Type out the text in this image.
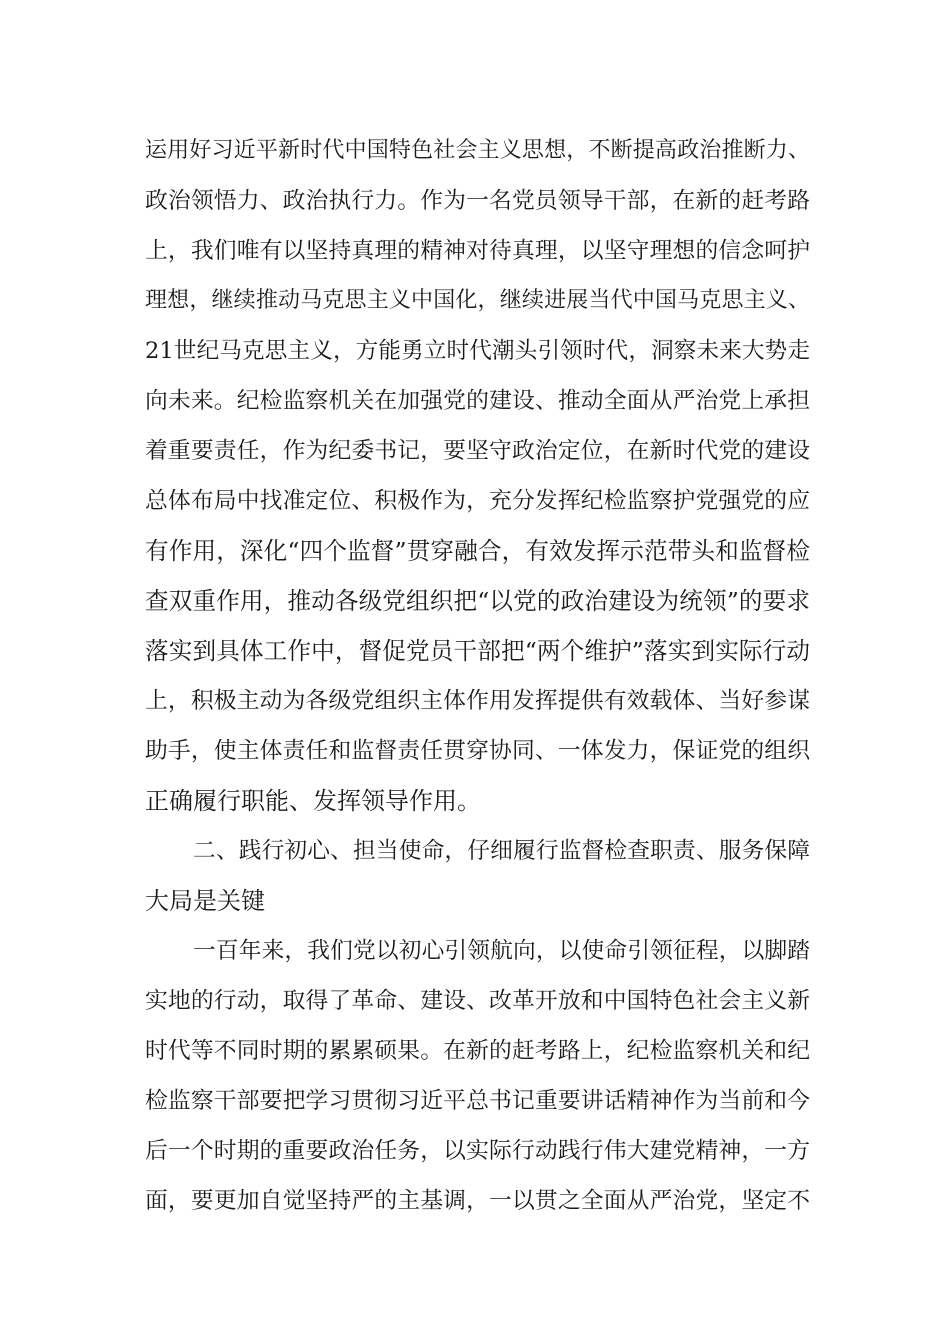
运用好习近平新时代中国特色社会主义思想，不断提高政治推断力、
政治领悟力、政治执行力。作为一名党员领导干部，在新的赶考路
上，我们唯有以坚持真理的精神对待真理，以坚守理想的信念呵护
理想，继续推动马克思主义中国化，继续进展当代中国马克思主义、
21世纪马克思主义，方能勇立时代潮头引领时代，洞察未来大势走
向未来。纪检监察机关在加强党的建设、推动全面从严治党上承担
着重要责任，作为纪委书记，要坚守政治定位，在新时代党的建设
总体布局中找准定位、积极作为，充分发挥纪检监察护党强党的应
有作用，深化“四个监督”贯穿融合，有效发挥示范带头和监督检
查双重作用，推动各级党组织把“以党的政治建设为统领”的要求
落实到具体工作中，督促党员干部把“两个维护”落实到实际行动
上，积极主动为各级党组织主体作用发挥提供有效载体、当好参谋
助手，使主体责任和监督责任贯穿协同、一体发力，保证党的组织
正确履行职能、发挥领导作用。
二、践行初心、担当使命，仔细履行监督检查职责、服务保障
大局是关键
一百年来，我们党以初心引领航向，以使命引领征程，以脚踏
实地的行动，取得了革命、建设、改革开放和中国特色社会主义新
时代等不同时期的累累硕果。在新的赶考路上，纪检监察机关和纪
检监察干部要把学习贯彻习近平总书记重要讲话精神作为当前和今
后一个时期的重要政治任务，以实际行动践行伟大建党精神，一方
面，要更加自觉坚持严的主基调，一以贯之全面从严治党，坚定不
